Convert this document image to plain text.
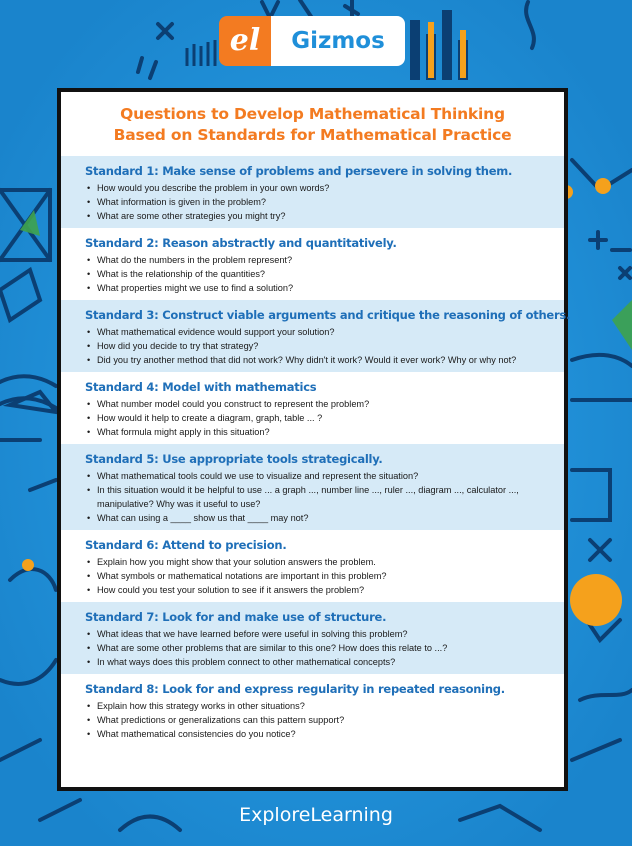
el	Gizmos
Questions to Develop Mathematical Thinking
Based on Standards for Mathematical Practice
Standard 1: Make sense of problems and persevere in solving them.
• How would you describe the problem in your own words?
• What information is given in the problem?
• What are some other strategies you might try?
Standard 2: Reason abstractly and quantitatively.
• What do the numbers in the problem represent?
• What is the relationship of the quantities?
• What properties might we use to find a solution?
Standard 3: Construct viable arguments and critique the reasoning of others.
• What mathematical evidence would support your solution?
• How did you decide to try that strategy?
• Did you try another method that did not work? Why didn't it work? Would it ever work? Why or why not?
Standard 4: Model with mathematics
• What number model could you construct to represent the problem?
• How would it help to create a diagram, graph, table ... ?
• What formula might apply in this situation?
Standard 5: Use appropriate tools strategically.
• What mathematical tools could we use to visualize and represent the situation?
• In this situation would it be helpful to use ... a graph ..., number line ..., ruler ..., diagram ..., calculator ..., manipulative? Why was it useful to use?
• What can using a ____ show us that ____ may not?
Standard 6: Attend to precision.
• Explain how you might show that your solution answers the problem.
• What symbols or mathematical notations are important in this problem?
• How could you test your solution to see if it answers the problem?
Standard 7: Look for and make use of structure.
• What ideas that we have learned before were useful in solving this problem?
• What are some other problems that are similar to this one? How does this relate to ...?
• In what ways does this problem connect to other mathematical concepts?
Standard 8: Look for and express regularity in repeated reasoning.
• Explain how this strategy works in other situations?
• What predictions or generalizations can this pattern support?
• What mathematical consistencies do you notice?
ExploreLearning
